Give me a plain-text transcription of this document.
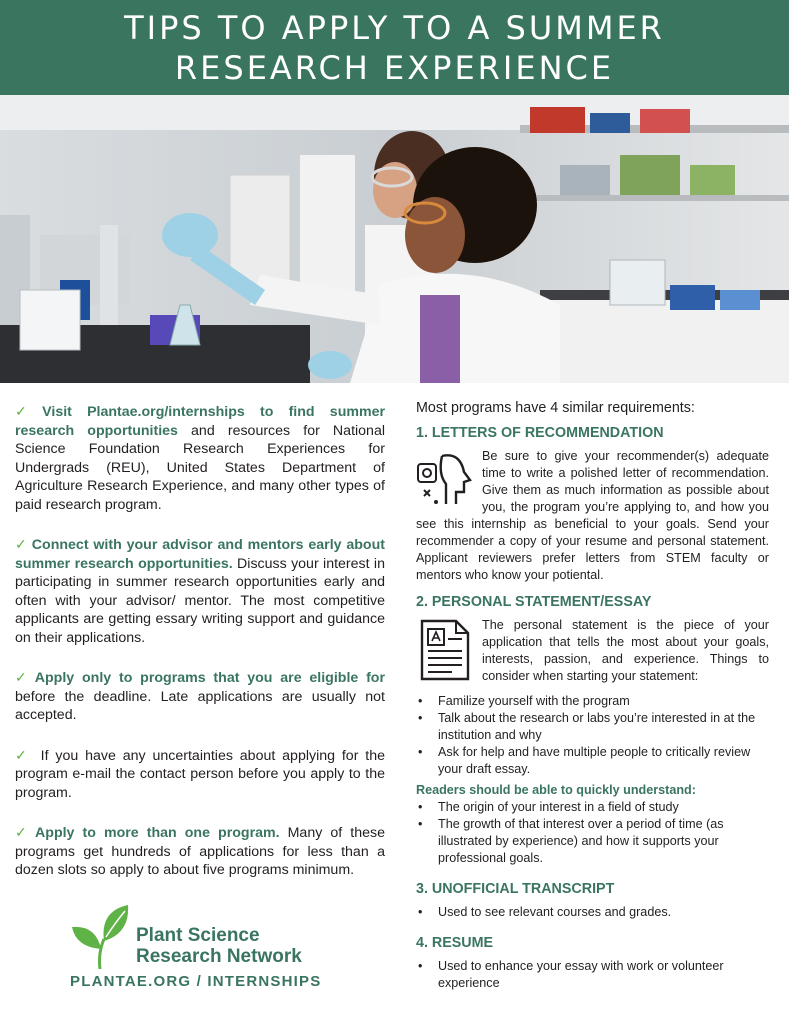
TIPS TO APPLY TO A SUMMER
RESEARCH EXPERIENCE

✓ Visit Plantae.org/internships to find summer research opportunities and resources for National Science Foundation Research Experiences for Undergrads (REU), United States Department of Agriculture Research Experience, and many other types of paid research program.

✓ Connect with your advisor and mentors early about summer research opportunities. Discuss your interest in participating in summer research opportunities early and often with your advisor/ mentor. The most competitive applicants are getting essary writing support and guidance on their applications.

✓ Apply only to programs that you are eligible for before the deadline. Late applications are usually not accepted.

✓ If you have any uncertainties about applying for the program e-mail the contact person before you apply to the program.

✓ Apply to more than one program. Many of these programs get hundreds of applications for less than a dozen slots so apply to about five programs minimum.

Plant Science
Research Network
PLANTAE.ORG / INTERNSHIPS

Most programs have 4 similar requirements:

1. LETTERS OF RECOMMENDATION

Be sure to give your recommender(s) adequate time to write a polished letter of recommendation. Give them as much information as possible about you, the program you’re applying to, and how you see this internship as beneficial to your goals. Send your recommender a copy of your resume and personal statement. Applicant reviewers prefer letters from STEM faculty or mentors who know your potiental.

2. PERSONAL STATEMENT/ESSAY

The personal statement is the piece of your application that tells the most about your goals, interests, passion, and experience. Things to consider when starting your statement:

• Familize yourself with the program
• Talk about the research or labs you’re interested in at the institution and why
• Ask for help and have multiple people to critically review your draft essay.
Readers should be able to quickly understand:
• The origin of your interest in a field of study
• The growth of that interest over a period of time (as illustrated by experience) and how it supports your professional goals.
3. UNOFFICIAL TRANSCRIPT
• Used to see relevant courses and grades.
4. RESUME
• Used to enhance your essay with work or volunteer experience
